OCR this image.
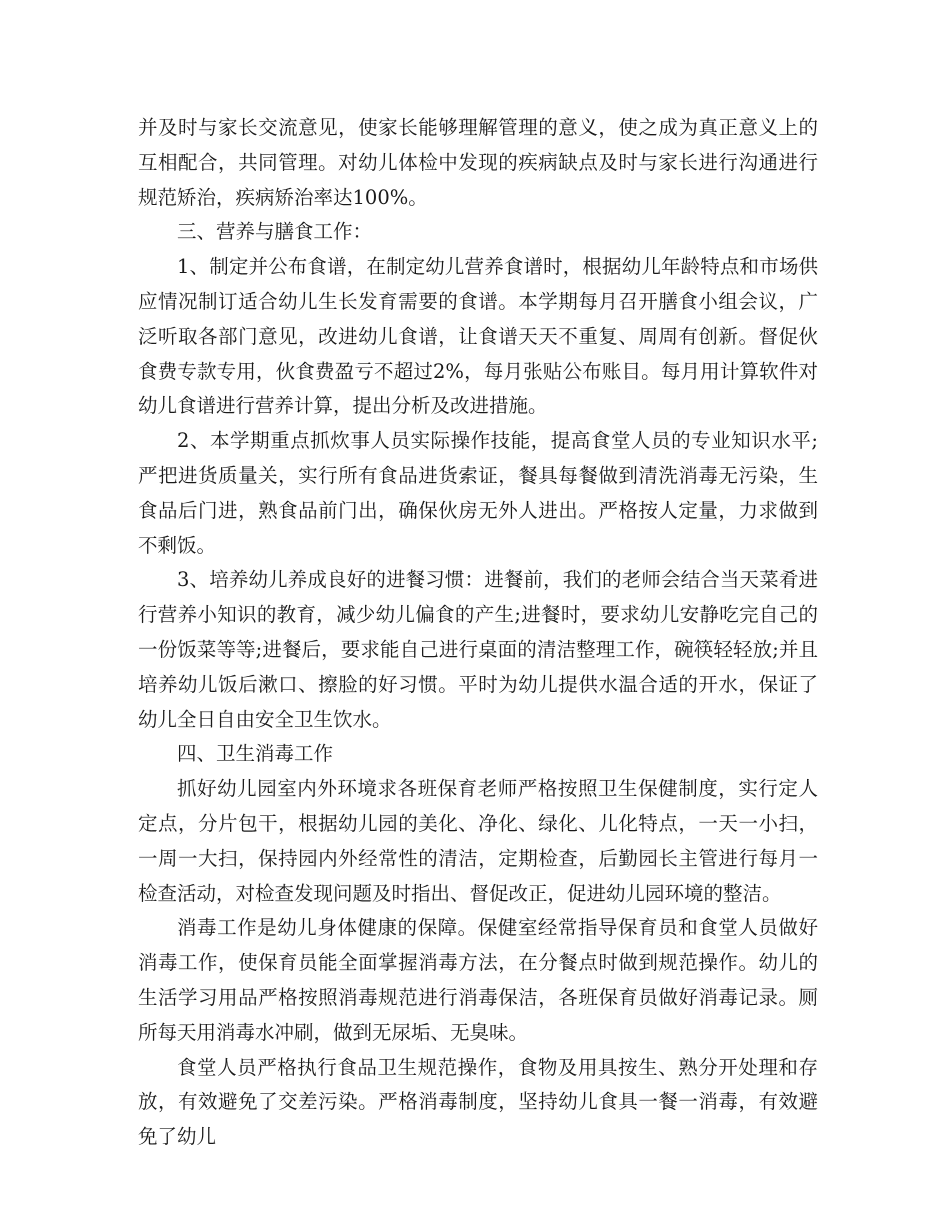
并及时与家长交流意见，使家长能够理解管理的意义，使之成为真正意义上的互相配合，共同管理。对幼儿体检中发现的疾病缺点及时与家长进行沟通进行规范矫治，疾病矫治率达100%。

三、营养与膳食工作：

1、制定并公布食谱，在制定幼儿营养食谱时，根据幼儿年龄特点和市场供应情况制订适合幼儿生长发育需要的食谱。本学期每月召开膳食小组会议，广泛听取各部门意见，改进幼儿食谱，让食谱天天不重复、周周有创新。督促伙食费专款专用，伙食费盈亏不超过2%，每月张贴公布账目。每月用计算软件对幼儿食谱进行营养计算，提出分析及改进措施。

2、本学期重点抓炊事人员实际操作技能，提高食堂人员的专业知识水平;严把进货质量关，实行所有食品进货索证，餐具每餐做到清洗消毒无污染，生食品后门进，熟食品前门出，确保伙房无外人进出。严格按人定量，力求做到不剩饭。

3、培养幼儿养成良好的进餐习惯：进餐前，我们的老师会结合当天菜肴进行营养小知识的教育，减少幼儿偏食的产生;进餐时，要求幼儿安静吃完自己的一份饭菜等等;进餐后，要求能自己进行桌面的清洁整理工作，碗筷轻轻放;并且培养幼儿饭后漱口、擦脸的好习惯。平时为幼儿提供水温合适的开水，保证了幼儿全日自由安全卫生饮水。

四、卫生消毒工作

抓好幼儿园室内外环境求各班保育老师严格按照卫生保健制度，实行定人定点，分片包干，根据幼儿园的美化、净化、绿化、儿化特点，一天一小扫，一周一大扫，保持园内外经常性的清洁，定期检查，后勤园长主管进行每月一检查活动，对检查发现问题及时指出、督促改正，促进幼儿园环境的整洁。

消毒工作是幼儿身体健康的保障。保健室经常指导保育员和食堂人员做好消毒工作，使保育员能全面掌握消毒方法，在分餐点时做到规范操作。幼儿的生活学习用品严格按照消毒规范进行消毒保洁，各班保育员做好消毒记录。厕所每天用消毒水冲刷，做到无尿垢、无臭味。

食堂人员严格执行食品卫生规范操作，食物及用具按生、熟分开处理和存放，有效避免了交差污染。严格消毒制度，坚持幼儿食具一餐一消毒，有效避免了幼儿
